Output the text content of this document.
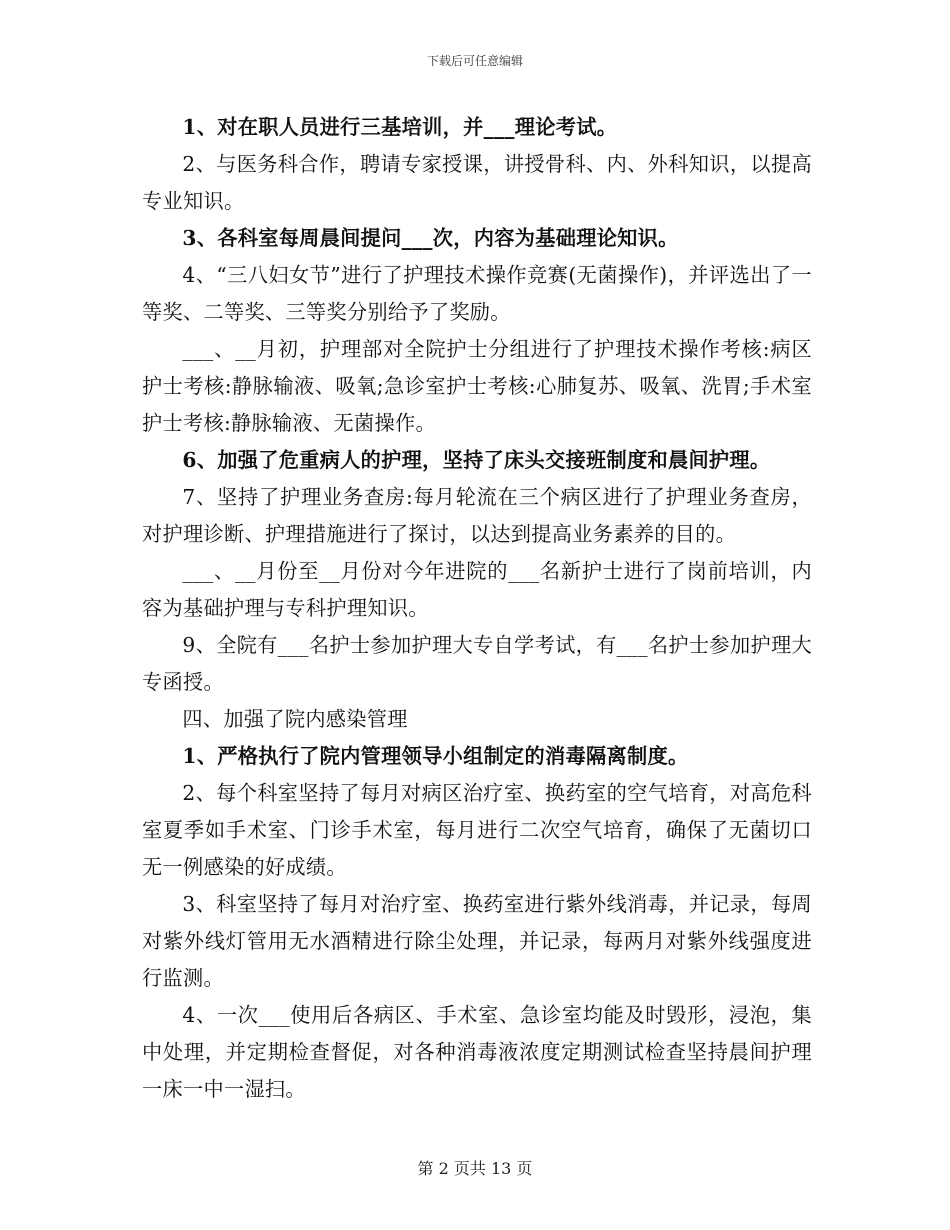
下载后可任意编辑

1、对在职人员进行三基培训，并___理论考试。

2、与医务科合作，聘请专家授课，讲授骨科、内、外科知识，以提高专业知识。

3、各科室每周晨间提问___次，内容为基础理论知识。

4、“三八妇女节”进行了护理技术操作竞赛(无菌操作)，并评选出了一等奖、二等奖、三等奖分别给予了奖励。

___、__月初，护理部对全院护士分组进行了护理技术操作考核:病区护士考核:静脉输液、吸氧;急诊室护士考核:心肺复苏、吸氧、洗胃;手术室护士考核:静脉输液、无菌操作。

6、加强了危重病人的护理，坚持了床头交接班制度和晨间护理。

7、坚持了护理业务查房:每月轮流在三个病区进行了护理业务查房，对护理诊断、护理措施进行了探讨，以达到提高业务素养的目的。

___、__月份至__月份对今年进院的___名新护士进行了岗前培训，内容为基础护理与专科护理知识。

9、全院有___名护士参加护理大专自学考试，有___名护士参加护理大专函授。

四、加强了院内感染管理

1、严格执行了院内管理领导小组制定的消毒隔离制度。

2、每个科室坚持了每月对病区治疗室、换药室的空气培育，对高危科室夏季如手术室、门诊手术室，每月进行二次空气培育，确保了无菌切口无一例感染的好成绩。

3、科室坚持了每月对治疗室、换药室进行紫外线消毒，并记录，每周对紫外线灯管用无水酒精进行除尘处理，并记录，每两月对紫外线强度进行监测。

4、一次___使用后各病区、手术室、急诊室均能及时毁形，浸泡，集中处理，并定期检查督促，对各种消毒液浓度定期测试检查坚持晨间护理一床一中一湿扫。

第 2 页共 13 页
